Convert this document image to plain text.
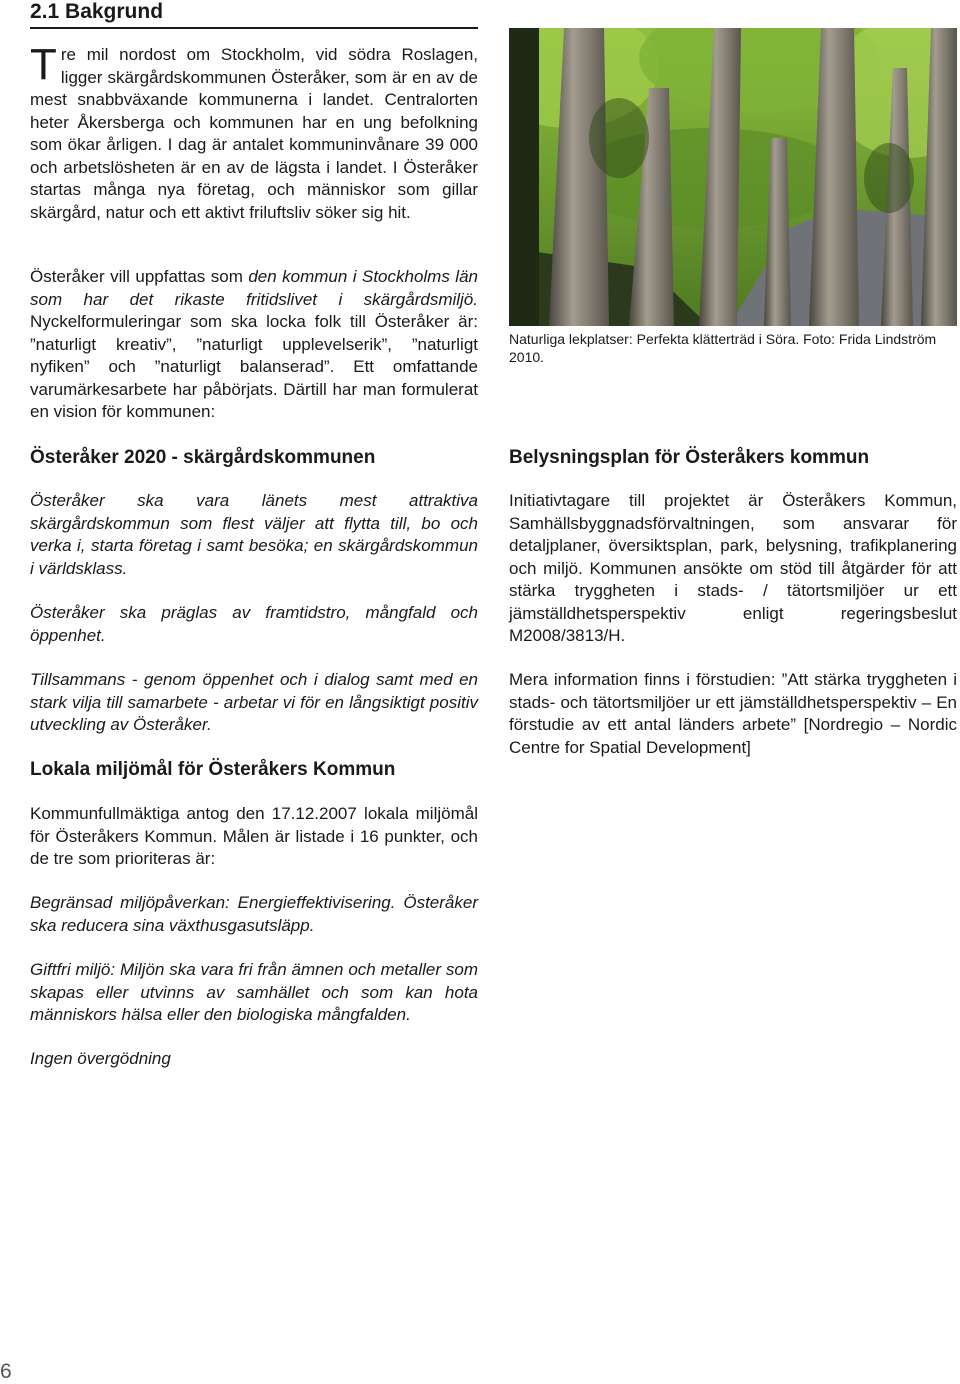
2.1 Bakgrund
Tre mil nordost om Stockholm, vid södra Roslagen, ligger skärgårdskommunen Österåker, som är en av de mest snabbväxande kommunerna i landet. Centralorten heter Åkersberga och kommunen har en ung befolkning som ökar årligen. I dag är antalet kommuninvånare 39 000 och arbetslösheten är en av de lägsta i landet. I Österåker startas många nya företag, och människor som gillar skärgård, natur och ett aktivt friluftsliv söker sig hit.
Österåker vill uppfattas som den kommun i Stockholms län som har det rikaste fritidslivet i skärgårdsmiljö. Nyckelformuleringar som ska locka folk till Österåker är: ”naturligt kreativ”, ”naturligt upplevelserik”, ”naturligt nyfiken” och ”naturligt balanserad”. Ett omfattande varumärkesarbete har påbörjats. Därtill har man formulerat en vision för kommunen:
Österåker 2020 - skärgårdskommunen
Österåker ska vara länets mest attraktiva skärgårdskommun som flest väljer att flytta till, bo och verka i, starta företag i samt besöka; en skärgårdskommun i världsklass.
Österåker ska präglas av framtidstro, mångfald och öppenhet.
Tillsammans - genom öppenhet och i dialog samt med en stark vilja till samarbete - arbetar vi för en långsiktigt positiv utveckling av Österåker.
Lokala miljömål för Österåkers Kommun
Kommunfullmäktiga antog den 17.12.2007 lokala miljömål för Österåkers Kommun. Målen är listade i 16 punkter, och de tre som prioriteras är:
Begränsad miljöpåverkan: Energieffektivisering. Österåker ska reducera sina växthusgasutsläpp.
Giftfri miljö: Miljön ska vara fri från ämnen och metaller som skapas eller utvinns av samhället och som kan hota människors hälsa eller den biologiska mångfalden.
Ingen övergödning
Naturliga lekplatser: Perfekta klätterträd i Söra. Foto: Frida Lindström 2010.
Belysningsplan för Österåkers kommun
Initiativtagare till projektet är Österåkers Kommun, Samhällsbyggnadsförvaltningen, som ansvarar för detaljplaner, översiktsplan, park, belysning, trafikplanering och miljö. Kommunen ansökte om stöd till åtgärder för att stärka tryggheten i stads- / tätortsmiljöer ur ett jämställdhetsperspektiv enligt regeringsbeslut M2008/3813/H.
Mera information finns i förstudien: ”Att stärka tryggheten i stads- och tätortsmiljöer ur ett jämställdhetsperspektiv – En förstudie av ett antal länders arbete” [Nordregio – Nordic Centre for Spatial Development]
6
